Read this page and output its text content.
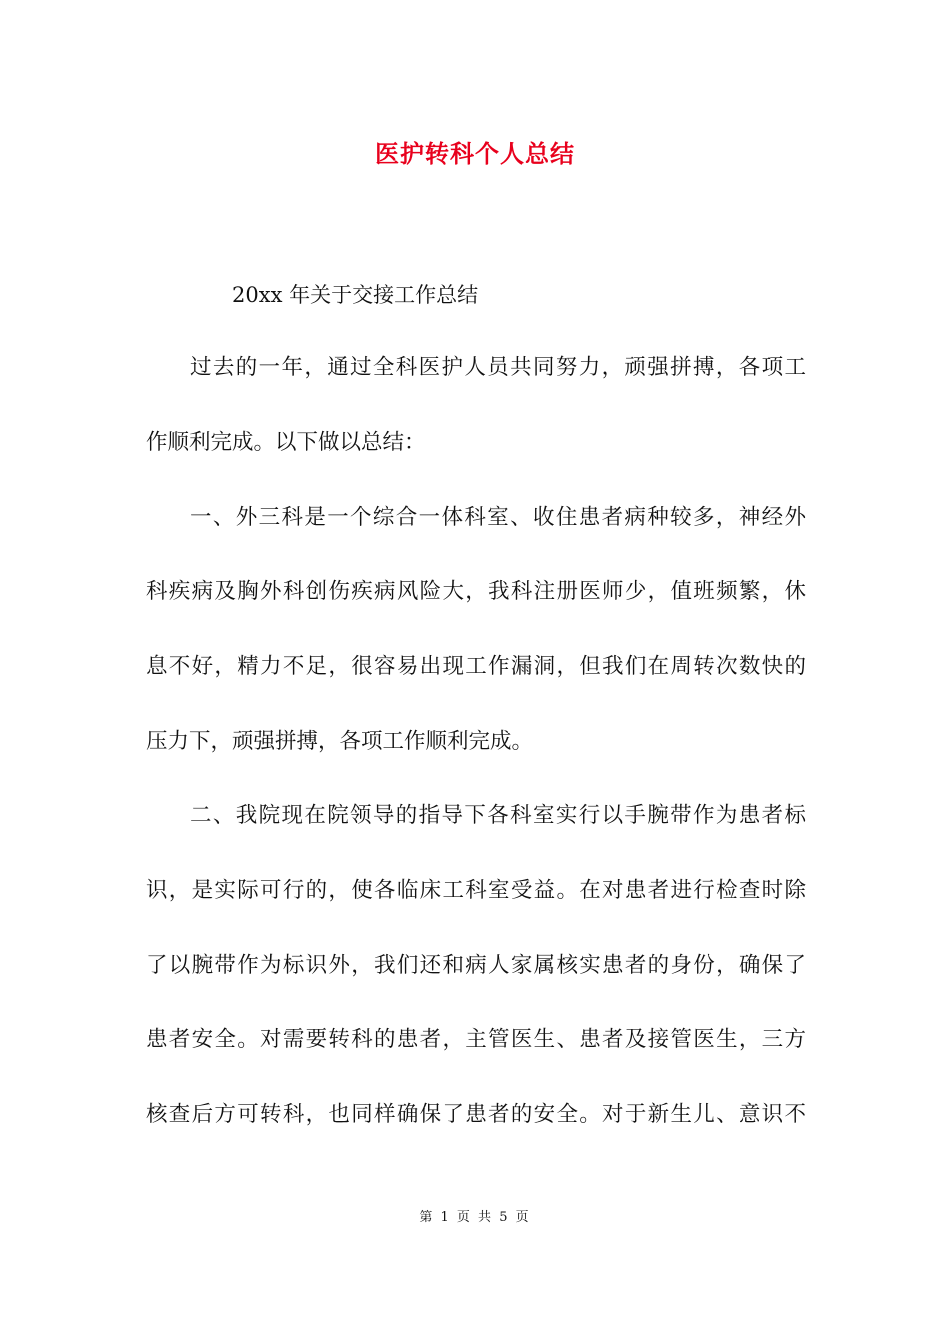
医护转科个人总结
20xx 年关于交接工作总结
过去的一年，通过全科医护人员共同努力，顽强拼搏，各项工
作顺利完成。以下做以总结：
一、外三科是一个综合一体科室、收住患者病种较多，神经外
科疾病及胸外科创伤疾病风险大，我科注册医师少，值班频繁，休
息不好，精力不足，很容易出现工作漏洞，但我们在周转次数快的
压力下，顽强拼搏，各项工作顺利完成。
二、我院现在院领导的指导下各科室实行以手腕带作为患者标
识，是实际可行的，使各临床工科室受益。在对患者进行检查时除
了以腕带作为标识外，我们还和病人家属核实患者的身份，确保了
患者安全。对需要转科的患者，主管医生、患者及接管医生，三方
核查后方可转科，也同样确保了患者的安全。对于新生儿、意识不
第 1 页 共 5 页
